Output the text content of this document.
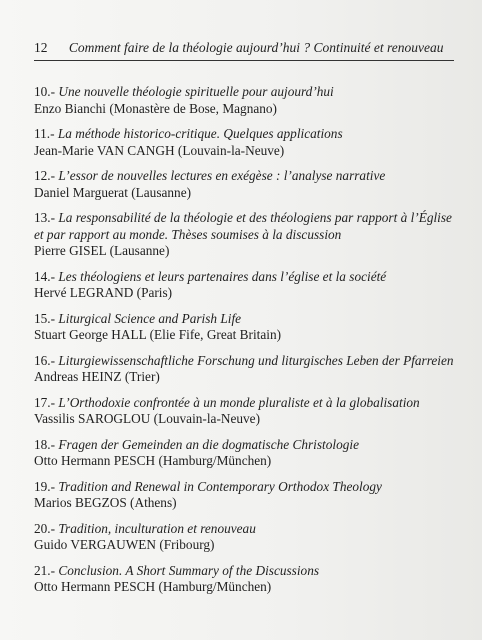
12 Comment faire de la théologie aujourd’hui ? Continuité et renouveau
10.- Une nouvelle théologie spirituelle pour aujourd’hui
Enzo Bianchi (Monastère de Bose, Magnano)
11.- La méthode historico-critique. Quelques applications
Jean-Marie VAN CANGH (Louvain-la-Neuve)
12.- L’essor de nouvelles lectures en exégèse : l’analyse narrative
Daniel Marguerat (Lausanne)
13.- La responsabilité de la théologie et des théologiens par rapport à l’Église et par rapport au monde. Thèses soumises à la discussion
Pierre GISEL (Lausanne)
14.- Les théologiens et leurs partenaires dans l’église et la société
Hervé LEGRAND (Paris)
15.- Liturgical Science and Parish Life
Stuart George HALL (Elie Fife, Great Britain)
16.- Liturgiewissenschaftliche Forschung und liturgisches Leben der Pfarreien
Andreas HEINZ (Trier)
17.- L’Orthodoxie confrontée à un monde pluraliste et à la globalisation
Vassilis SAROGLOU (Louvain-la-Neuve)
18.- Fragen der Gemeinden an die dogmatische Christologie
Otto Hermann PESCH (Hamburg/München)
19.- Tradition and Renewal in Contemporary Orthodox Theology
Marios BEGZOS (Athens)
20.- Tradition, inculturation et renouveau
Guido VERGAUWEN (Fribourg)
21.- Conclusion. A Short Summary of the Discussions
Otto Hermann PESCH (Hamburg/München)
